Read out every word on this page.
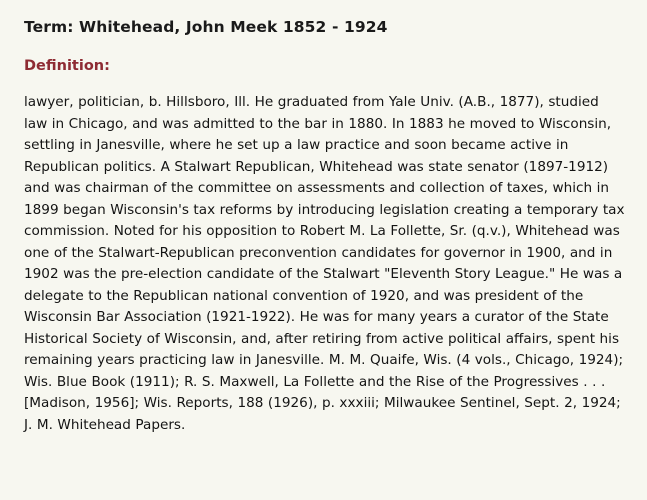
Term: Whitehead, John Meek 1852 - 1924
Definition:
lawyer, politician, b. Hillsboro, Ill. He graduated from Yale Univ. (A.B., 1877), studied law in Chicago, and was admitted to the bar in 1880. In 1883 he moved to Wisconsin, settling in Janesville, where he set up a law practice and soon became active in Republican politics. A Stalwart Republican, Whitehead was state senator (1897-1912) and was chairman of the committee on assessments and collection of taxes, which in 1899 began Wisconsin's tax reforms by introducing legislation creating a temporary tax commission. Noted for his opposition to Robert M. La Follette, Sr. (q.v.), Whitehead was one of the Stalwart-Republican preconvention candidates for governor in 1900, and in 1902 was the pre-election candidate of the Stalwart "Eleventh Story League." He was a delegate to the Republican national convention of 1920, and was president of the Wisconsin Bar Association (1921-1922). He was for many years a curator of the State Historical Society of Wisconsin, and, after retiring from active political affairs, spent his remaining years practicing law in Janesville. M. M. Quaife, Wis. (4 vols., Chicago, 1924); Wis. Blue Book (1911); R. S. Maxwell, La Follette and the Rise of the Progressives . . . [Madison, 1956]; Wis. Reports, 188 (1926), p. xxxiii; Milwaukee Sentinel, Sept. 2, 1924; J. M. Whitehead Papers.
